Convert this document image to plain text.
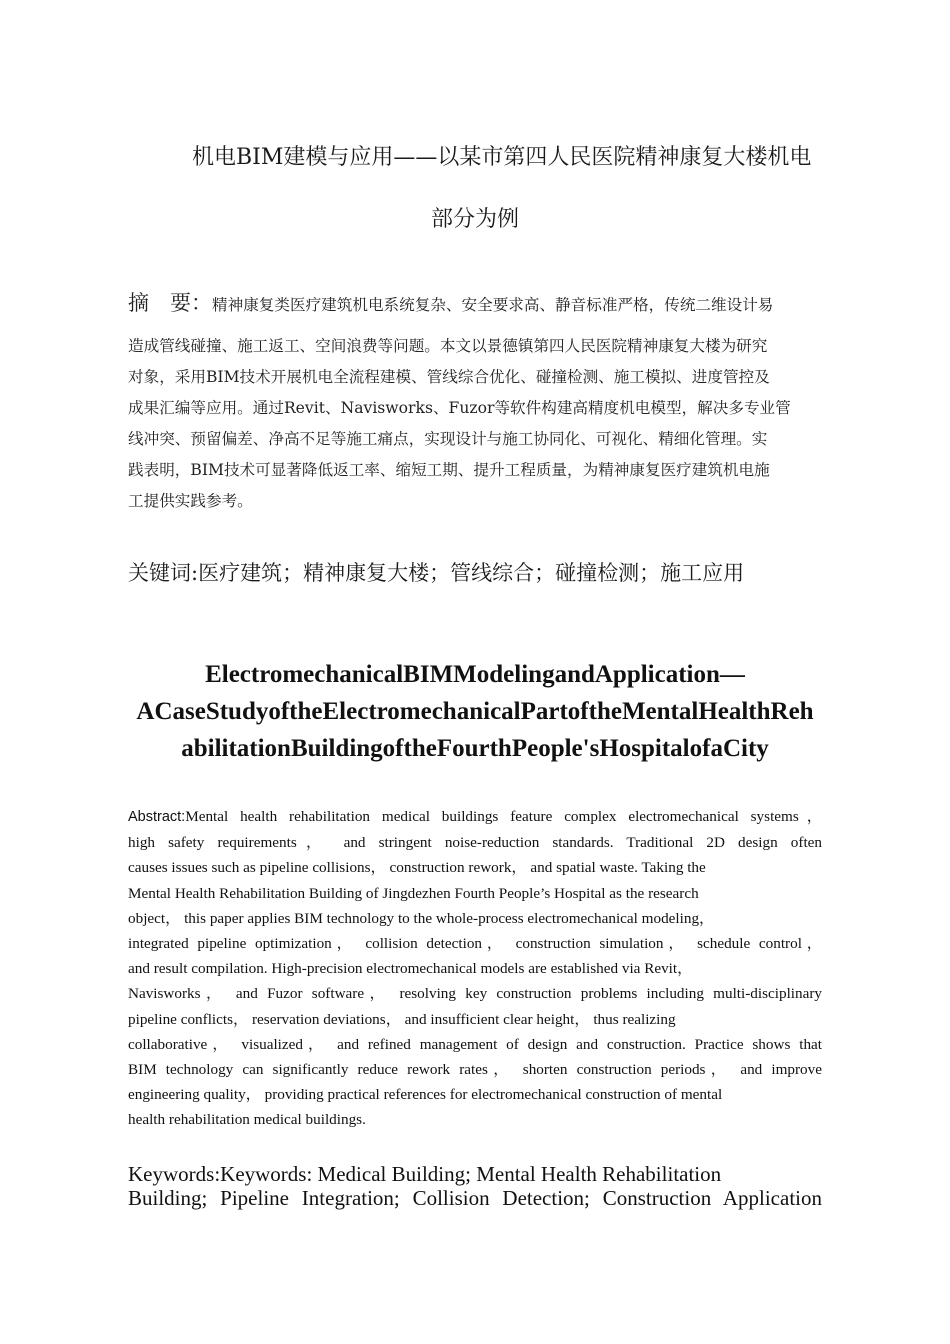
机电BIM建模与应用——以某市第四人民医院精神康复大楼机电
部分为例
摘　要：精神康复类医疗建筑机电系统复杂、安全要求高、静音标准严格，传统二维设计易
造成管线碰撞、施工返工、空间浪费等问题。本文以景德镇第四人民医院精神康复大楼为研究
对象，采用BIM技术开展机电全流程建模、管线综合优化、碰撞检测、施工模拟、进度管控及
成果汇编等应用。通过Revit、Navisworks、Fuzor等软件构建高精度机电模型，解决多专业管
线冲突、预留偏差、净高不足等施工痛点，实现设计与施工协同化、可视化、精细化管理。实
践表明，BIM技术可显著降低返工率、缩短工期、提升工程质量，为精神康复医疗建筑机电施
工提供实践参考。
关键词:医疗建筑；精神康复大楼；管线综合；碰撞检测；施工应用
ElectromechanicalBIMModelingandApplication—
ACaseStudyoftheElectromechanicalPartoftheMentalHealthReh
abilitationBuildingoftheFourthPeople'sHospitalofaCity
Abstract:Mental health rehabilitation medical buildings feature complex electromechanical systems，
high safety requirements， and stringent noise-reduction standards. Traditional 2D design often
causes issues such as pipeline collisions， construction rework， and spatial waste. Taking the
Mental Health Rehabilitation Building of Jingdezhen Fourth People’s Hospital as the research
object， this paper applies BIM technology to the whole-process electromechanical modeling，
integrated pipeline optimization， collision detection， construction simulation， schedule control，
and result compilation. High-precision electromechanical models are established via Revit，
Navisworks， and Fuzor software， resolving key construction problems including multi-disciplinary
pipeline conflicts， reservation deviations， and insufficient clear height， thus realizing
collaborative， visualized， and refined management of design and construction. Practice shows that
BIM technology can significantly reduce rework rates， shorten construction periods， and improve
engineering quality， providing practical references for electromechanical construction of mental
health rehabilitation medical buildings.
Keywords:Keywords: Medical Building; Mental Health Rehabilitation
Building; Pipeline Integration; Collision Detection; Construction Application
